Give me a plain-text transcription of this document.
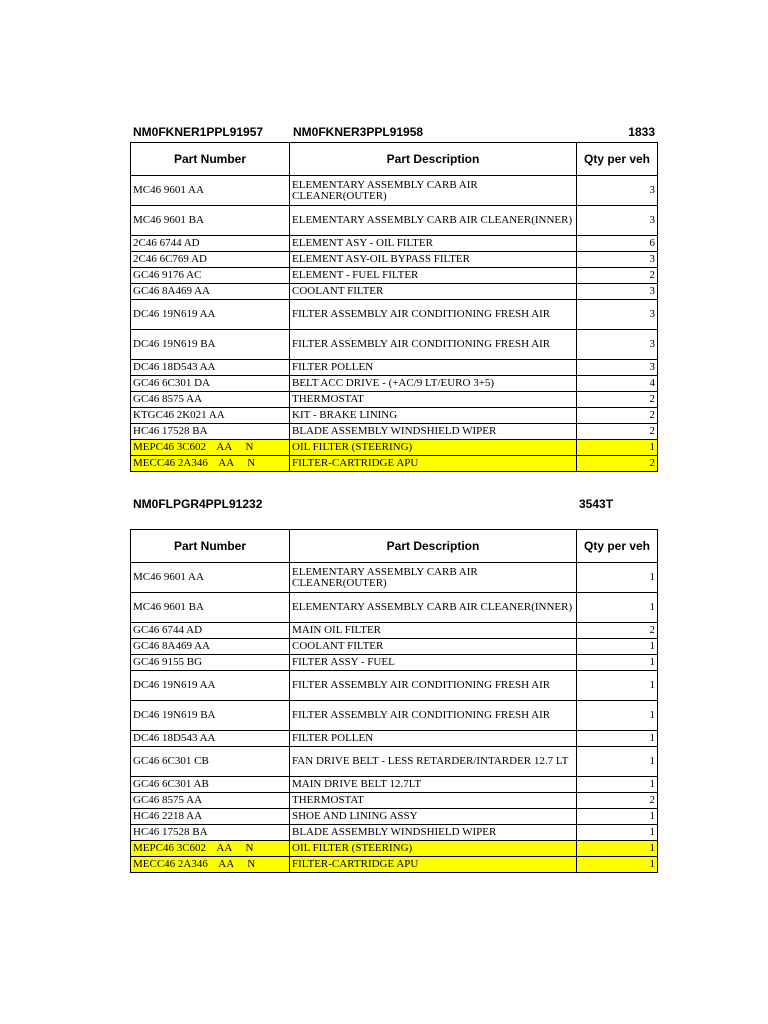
NM0FKNER1PPL91957 NM0FKNER3PPL91958	1833
Part Number	Part Description	Qty per veh
MC46 9601 AA	ELEMENTARY ASSEMBLY CARB AIR CLEANER(OUTER)	3
MC46 9601 BA	ELEMENTARY ASSEMBLY CARB AIR CLEANER(INNER)	3
2C46 6744 AD	ELEMENT ASY - OIL FILTER	6
2C46 6C769 AD	ELEMENT ASY-OIL BYPASS FILTER	3
GC46 9176 AC	ELEMENT - FUEL FILTER	2
GC46 8A469 AA	COOLANT FILTER	3
DC46 19N619 AA	FILTER ASSEMBLY AIR CONDITIONING FRESH AIR	3
DC46 19N619 BA	FILTER ASSEMBLY AIR CONDITIONING FRESH AIR	3
DC46 18D543 AA	FILTER POLLEN	3
GC46 6C301 DA	BELT ACC DRIVE - (+AC/9 LT/EURO 3+5)	4
GC46 8575 AA	THERMOSTAT	2
KTGC46 2K021 AA	KIT - BRAKE LINING	2
HC46 17528 BA	BLADE ASSEMBLY WINDSHIELD WIPER	2
MEPC46 3C602    AA     N	OIL FILTER (STEERING)	1
MECC46 2A346    AA     N	FILTER-CARTRIDGE APU	2
NM0FLPGR4PPL91232	3543T
Part Number	Part Description	Qty per veh
MC46 9601 AA	ELEMENTARY ASSEMBLY CARB AIR CLEANER(OUTER)	1
MC46 9601 BA	ELEMENTARY ASSEMBLY CARB AIR CLEANER(INNER)	1
GC46 6744 AD	MAIN OIL FILTER	2
GC46 8A469 AA	COOLANT FILTER	1
GC46 9155 BG	FILTER ASSY - FUEL	1
DC46 19N619 AA	FILTER ASSEMBLY AIR CONDITIONING FRESH AIR	1
DC46 19N619 BA	FILTER ASSEMBLY AIR CONDITIONING FRESH AIR	1
DC46 18D543 AA	FILTER POLLEN	1
GC46 6C301 CB	FAN DRIVE BELT - LESS RETARDER/INTARDER 12.7 LT	1
GC46 6C301 AB	MAIN DRIVE BELT 12.7LT	1
GC46 8575 AA	THERMOSTAT	2
HC46 2218 AA	SHOE AND LINING ASSY	1
HC46 17528 BA	BLADE ASSEMBLY WINDSHIELD WIPER	1
MEPC46 3C602    AA     N	OIL FILTER (STEERING)	1
MECC46 2A346    AA     N	FILTER-CARTRIDGE APU	1
